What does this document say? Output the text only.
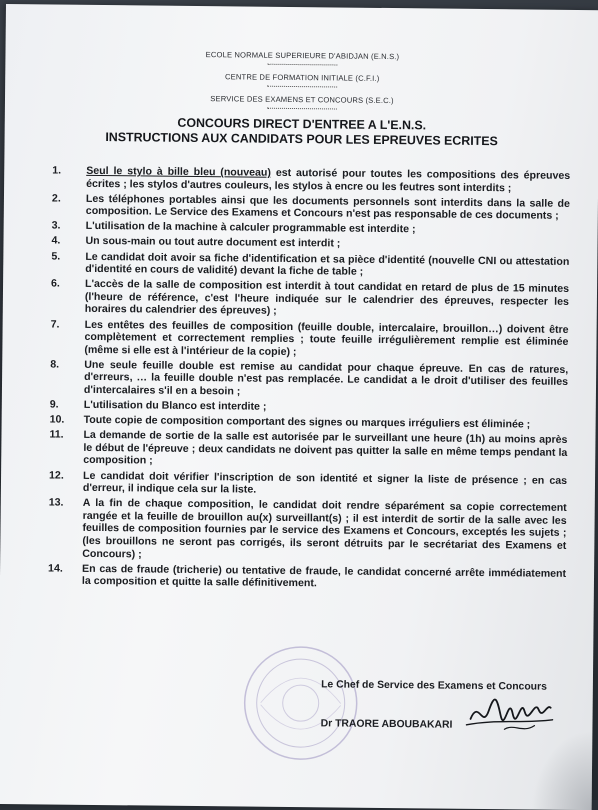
ECOLE NORMALE SUPERIEURE D'ABIDJAN (E.N.S.)
CENTRE DE FORMATION INITIALE (C.F.I.)
SERVICE DES EXAMENS ET CONCOURS (S.E.C.)
CONCOURS DIRECT D'ENTREE A L'E.N.S.
INSTRUCTIONS AUX CANDIDATS POUR LES EPREUVES ECRITES
1.	Seul le stylo à bille bleu (nouveau) est autorisé pour toutes les compositions des épreuves écrites ; les stylos d'autres couleurs, les stylos à encre ou les feutres sont interdits ;
2.	Les téléphones portables ainsi que les documents personnels sont interdits dans la salle de composition. Le Service des Examens et Concours n'est pas responsable de ces documents ;
3.	L'utilisation de la machine à calculer programmable est interdite ;
4.	Un sous-main ou tout autre document est interdit ;
5.	Le candidat doit avoir sa fiche d'identification et sa pièce d'identité (nouvelle CNI ou attestation d'identité en cours de validité) devant la fiche de table ;
6.	L'accès de la salle de composition est interdit à tout candidat en retard de plus de 15 minutes (l'heure de référence, c'est l'heure indiquée sur le calendrier des épreuves, respecter les horaires du calendrier des épreuves) ;
7.	Les entêtes des feuilles de composition (feuille double, intercalaire, brouillon…) doivent être complètement et correctement remplies ; toute feuille irrégulièrement remplie est éliminée (même si elle est à l'intérieur de la copie) ;
8.	Une seule feuille double est remise au candidat pour chaque épreuve. En cas de ratures, d'erreurs, … la feuille double n'est pas remplacée. Le candidat a le droit d'utiliser des feuilles d'intercalaires s'il en a besoin ;
9.	L'utilisation du Blanco est interdite ;
10.	Toute copie de composition comportant des signes ou marques irréguliers est éliminée ;
11.	La demande de sortie de la salle est autorisée par le surveillant une heure (1h) au moins après le début de l'épreuve ; deux candidats ne doivent pas quitter la salle en même temps pendant la composition ;
12.	Le candidat doit vérifier l'inscription de son identité et signer la liste de présence ; en cas d'erreur, il indique cela sur la liste.
13.	A la fin de chaque composition, le candidat doit rendre séparément sa copie correctement rangée et la feuille de brouillon au(x) surveillant(s) ; il est interdit de sortir de la salle avec les feuilles de composition fournies par le service des Examens et Concours, exceptés les sujets ; (les brouillons ne seront pas corrigés, ils seront détruits par le secrétariat des Examens et Concours) ;
14.	En cas de fraude (tricherie) ou tentative de fraude, le candidat concerné arrête immédiatement la composition et quitte la salle définitivement.
Le Chef de Service des Examens et Concours
Dr TRAORE ABOUBAKARI
